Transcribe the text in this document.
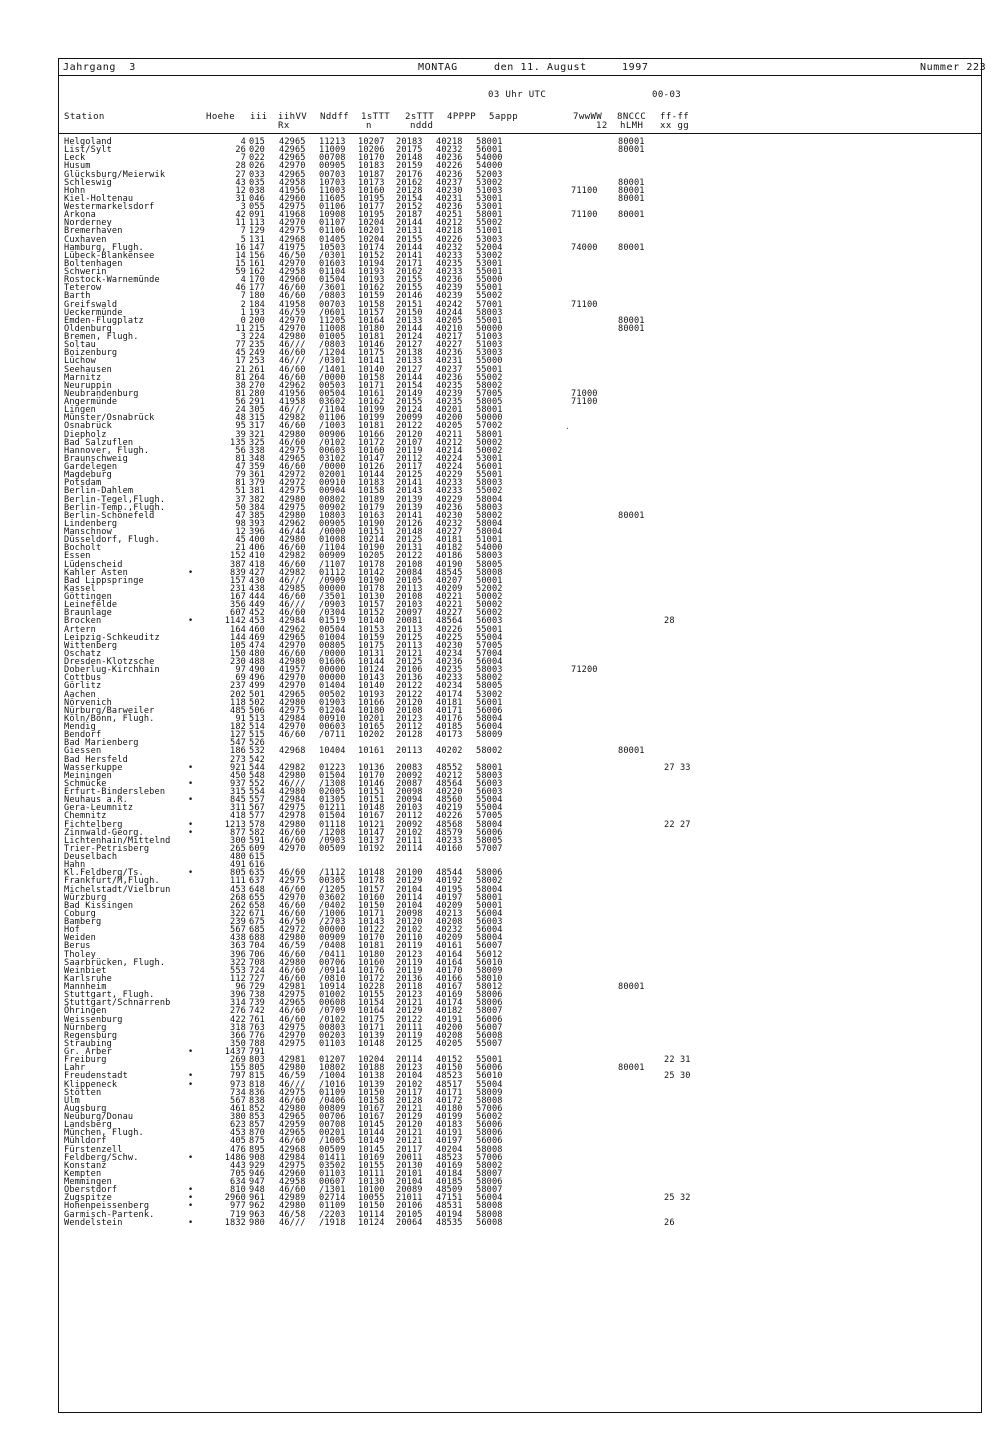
Jahrgang  3	MONTAG	den 11. August	1997	Nummer 223
03 Uhr UTC	00-03
Station	Hoehe iii iihVV
Rx
Nddff 1sTTT
n
2sTTT
nddd
4PPPP 5appp	7wwWW
12
8NCCC
hLMH
ff-ff
xx gg
Helgoland	4 015 42965 11213 10207 20183 40218 58001	80001
List/Sylt	26 020 42965 11009 10206 20175 40232 56001	80001
Leck	7 022 42965 00708 10170 20148 40236 54000
Husum	28 026 42970 00905 10183 20159 40226 54000
Glücksburg/Meierwik	27 033 42965 00703 10187 20176 40236 52003
Schleswig	43 035 42958 10703 10173 20162 40237 53002	80001
Hohn	12 038 41956 11003 10160 20128 40230 51003	71100 80001
Kiel-Holtenau	31 046 42960 11605 10195 20154 40231 53001	80001
Westermarkelsdorf	3 055 42975 01106 10177 20152 40236 53001
Arkona	42 091 41968 10908 10195 20187 40251 58001	71100 80001
Norderney	11 113 42970 01107 10204 20144 40212 55002
Bremerhaven	7 129 42975 01106 10201 20131 40218 51001
Cuxhaven	5 131 42968 01405 10204 20155 40226 53003
Hamburg, Flugh.	16 147 41975 10503 10174 20144 40232 52004	74000 80001
Lübeck-Blankensee	14 156 46/50 /0301 10152 20141 40233 53002
Boltenhagen	15 161 42970 01603 10194 20171 40235 53001
Schwerin	59 162 42958 01104 10193 20162 40233 55001
Rostock-Warnemünde	4 170 42960 01504 10193 20155 40236 55000
Teterow	46 177 46/60 /3601 10162 20155 40239 55001
Barth	7 180 46/60 /0803 10159 20146 40239 55002
Greifswald	2 184 41958 00703 10158 20151 40242 57001	71100
Ueckermünde	1 193 46/59 /0601 10157 20150 40244 58003
Emden-Flugplatz	0 200 42970 11205 10164 20133 40205 55001	80001
Oldenburg	11 215 42970 11008 10180 20144 40210 50000	80001
Bremen, Flugh.	3 224 42980 01005 10181 20124 40217 51003
Soltau	77 235 46/// /0803 10146 20127 40227 51003
Boizenburg	45 249 46/60 /1204 10175 20138 40236 53003
Lüchow	17 253 46/// /0301 10141 20133 40231 55000
Seehausen	21 261 46/60 /1401 10140 20127 40237 55001
Marnitz	81 264 46/60 /0000 10158 20144 40236 55002
Neuruppin	38 270 42962 00503 10171 20154 40235 58002
Neubrandenburg	81 280 41956 00504 10161 20149 40239 57005	71000
Angermünde	56 291 41958 03602 10162 20155 40235 58005	71100
Lingen	24 305 46/// /1104 10199 20124 40201 58001
Münster/Osnabrück	48 315 42982 01106 10199 20099 40200 50000
Osnabrück	95 317 46/60 /1003 10181 20122 40205 57002
Diepholz	39 321 42980 00906 10166 20120 40211 58001
Bad Salzuflen	135 325 46/60 /0102 10172 20107 40212 50002
Hannover, Flugh.	56 338 42975 00603 10160 20119 40214 50002
Braunschweig	81 348 42965 03102 10147 20112 40224 53001
Gardelegen	47 359 46/60 /0000 10126 20117 40224 56001
Magdeburg	79 361 42972 02001 10144 20125 40229 55001
Potsdam	81 379 42972 00910 10183 20141 40233 58003
Berlin-Dahlem	51 381 42975 00904 10158 20143 40233 55002
Berlin-Tegel,Flugh.	37 382 42980 00802 10189 20139 40229 58004
Berlin-Temp.,Flugh.	50 384 42975 00902 10179 20139 40236 58003
Berlin-Schönefeld	47 385 42980 10803 10163 20141 40230 58002	80001
Lindenberg	98 393 42962 00905 10190 20126 40232 58004
Manschnow	12 396 46/44 /0000 10151 20148 40227 58004
Düsseldorf, Flugh.	45 400 42980 01008 10214 20125 40181 51001
Bocholt	21 406 46/60 /1104 10190 20131 40182 54000
Essen	152 410 42982 00909 10205 20122 40186 58003
Lüdenscheid	387 418 46/60 /1107 10178 20108 40190 58005
Kahler Asten	•	839 427 42982 01112 10142 20084 48545 58008
Bad Lippspringe	157 430 46/// /0909 10190 20105 40207 50001
Kassel	231 438 42985 00000 10178 20113 40209 52002
Göttingen	167 444 46/60 /3501 10130 20108 40221 50002
Leinefelde	356 449 46/// /0903 10157 20103 40221 50002
Braunlage	607 452 46/60 /0304 10152 20097 40227 56002
Brocken	•	1142 453 42984 01519 10140 20081 48564 56003	28
Artern	164 460 42962 00504 10153 20113 40226 55001
Leipzig-Schkeuditz	144 469 42965 01004 10159 20125 40225 55004
Wittenberg	105 474 42970 00805 10175 20113 40230 57005
Oschatz	150 480 46/60 /0000 10131 20121 40234 57004
Dresden-Klotzsche	230 488 42980 01606 10144 20125 40236 56004
Doberlug-Kirchhain	97 490 41957 00000 10124 20106 40235 58003	71200
Cottbus	69 496 42970 00000 10143 20136 40233 58002
Görlitz	237 499 42970 01404 10140 20122 40234 58005
Aachen	202 501 42965 00502 10193 20122 40174 53002
Nörvenich	118 502 42980 01903 10166 20120 40181 56001
Nürburg/Barweiler	485 506 42975 01204 10180 20108 40171 56006
Köln/Bonn, Flugh.	91 513 42984 00910 10201 20123 40176 58004
Mendig	182 514 42970 00603 10165 20112 40185 56004
Bendorf	127 515 46/60 /0711 10202 20128 40173 58009
Bad Marienberg	547 526
Giessen	186 532 42968 10404 10161 20113 40202 58002	80001
Bad Hersfeld	273 542
Wasserkuppe	•	921 544 42982 01223 10136 20083 48552 58001	27 33
Meiningen	450 548 42980 01504 10170 20092 40212 58003
Schmücke	•	937 552 46/// /1308 10146 20087 48564 56003
Erfurt-Bindersleben	315 554 42980 02005 10151 20098 40220 56003
Neuhaus a.R.	•	845 557 42984 01305 10151 20094 48560 55004
Gera-Leumnitz	311 567 42975 01211 10148 20103 40219 55004
Chemnitz	418 577 42978 01504 10167 20112 40226 57005
Fichtelberg	•	1213 578 42980 01118 10121 20092 48568 58004	22 27
Zinnwald-Georg.	•	877 582 46/60 /1208 10147 20102 48579 56006
Lichtenhain/Mittelnd	300 591 46/60 /0903 10137 20111 40233 58005
Trier-Petrisberg	265 609 42970 00509 10192 20114 40160 57007
Deuselbach	480 615
Hahn	491 616
Kl.Feldberg/Ts.	•	805 635 46/60 /1112 10148 20100 48544 58006
Frankfurt/M,Flugh.	111 637 42975 00305 10178 20129 40192 58002
Michelstadt/Vielbrun	453 648 46/60 /1205 10157 20104 40195 58004
Würzburg	268 655 42970 03602 10160 20114 40197 58001
Bad Kissingen	262 658 46/60 /0402 10150 20104 40209 50001
Coburg	322 671 46/60 /1006 10171 20098 40213 56004
Bamberg	239 675 46/50 /2703 10143 20120 40208 56003
Hof	567 685 42972 00000 10122 20102 40232 56004
Weiden	438 688 42980 00909 10170 20110 40209 58004
Berus	363 704 46/59 /0408 10181 20119 40161 56007
Tholey	396 706 46/60 /0411 10180 20123 40164 56012
Saarbrücken, Flugh.	322 708 42980 00706 10160 20119 40164 56010
Weinbiet	553 724 46/60 /0914 10176 20119 40170 58009
Karlsruhe	112 727 46/60 /0810 10172 20136 40166 58010
Mannheim	96 729 42981 10914 10228 20118 40167 58012	80001
Stuttgart, Flugh.	396 738 42975 01002 10155 20123 40169 58006
Stuttgart/Schnarrenb	314 739 42965 00608 10154 20121 40174 58006
Öhringen	276 742 46/60 /0709 10164 20129 40182 58007
Weissenburg	422 761 46/60 /0102 10175 20122 40191 56006
Nürnberg	318 763 42975 00803 10171 20111 40200 56007
Regensburg	366 776 42970 00203 10139 20119 40208 56008
Straubing	350 788 42975 01103 10148 20125 40205 55007
Gr. Arber	•	1437 791
Freiburg	269 803 42981 01207 10204 20114 40152 55001	22 31
Lahr	155 805 42980 10802 10188 20123 40150 56006	80001
Freudenstadt	•	797 815 46/59 /1004 10138 20104 48523 56010	25 30
Klippeneck	•	973 818 46/// /1016 10139 20102 48517 55004
Stötten	734 836 42975 01109 10150 20117 40171 58009
Ulm	567 838 46/60 /0406 10158 20128 40172 58008
Augsburg	461 852 42980 00809 10167 20121 40180 57006
Neuburg/Donau	380 853 42965 00706 10167 20129 40199 56002
Landsberg	623 857 42959 00708 10145 20120 40183 56006
München, Flugh.	453 870 42965 00201 10144 20121 40191 58006
Mühldorf	405 875 46/60 /1005 10149 20121 40197 56006
Fürstenzell	476 895 42968 00509 10145 20117 40204 58008
Feldberg/Schw.	•	1486 908 42984 01411 10169 20011 48523 57006
Konstanz	443 929 42975 03502 10155 20130 40169 58002
Kempten	705 946 42960 01103 10111 20101 40184 58007
Memmingen	634 947 42958 00607 10130 20104 40185 58006
Oberstdorf	•	810 948 46/60 /1301 10100 20089 48509 58007
Zugspitze	•	2960 961 42989 02714 10055 21011 47151 56004	25 32
Hohenpeissenberg	•	977 962 42980 01109 10150 20106 48531 58008
Garmisch-Partenk.	719 963 46/58 /2203 10114 20105 40194 58008
Wendelstein	•	1832 980 46/// /1918 10124 20064 48535 56008	26
.
